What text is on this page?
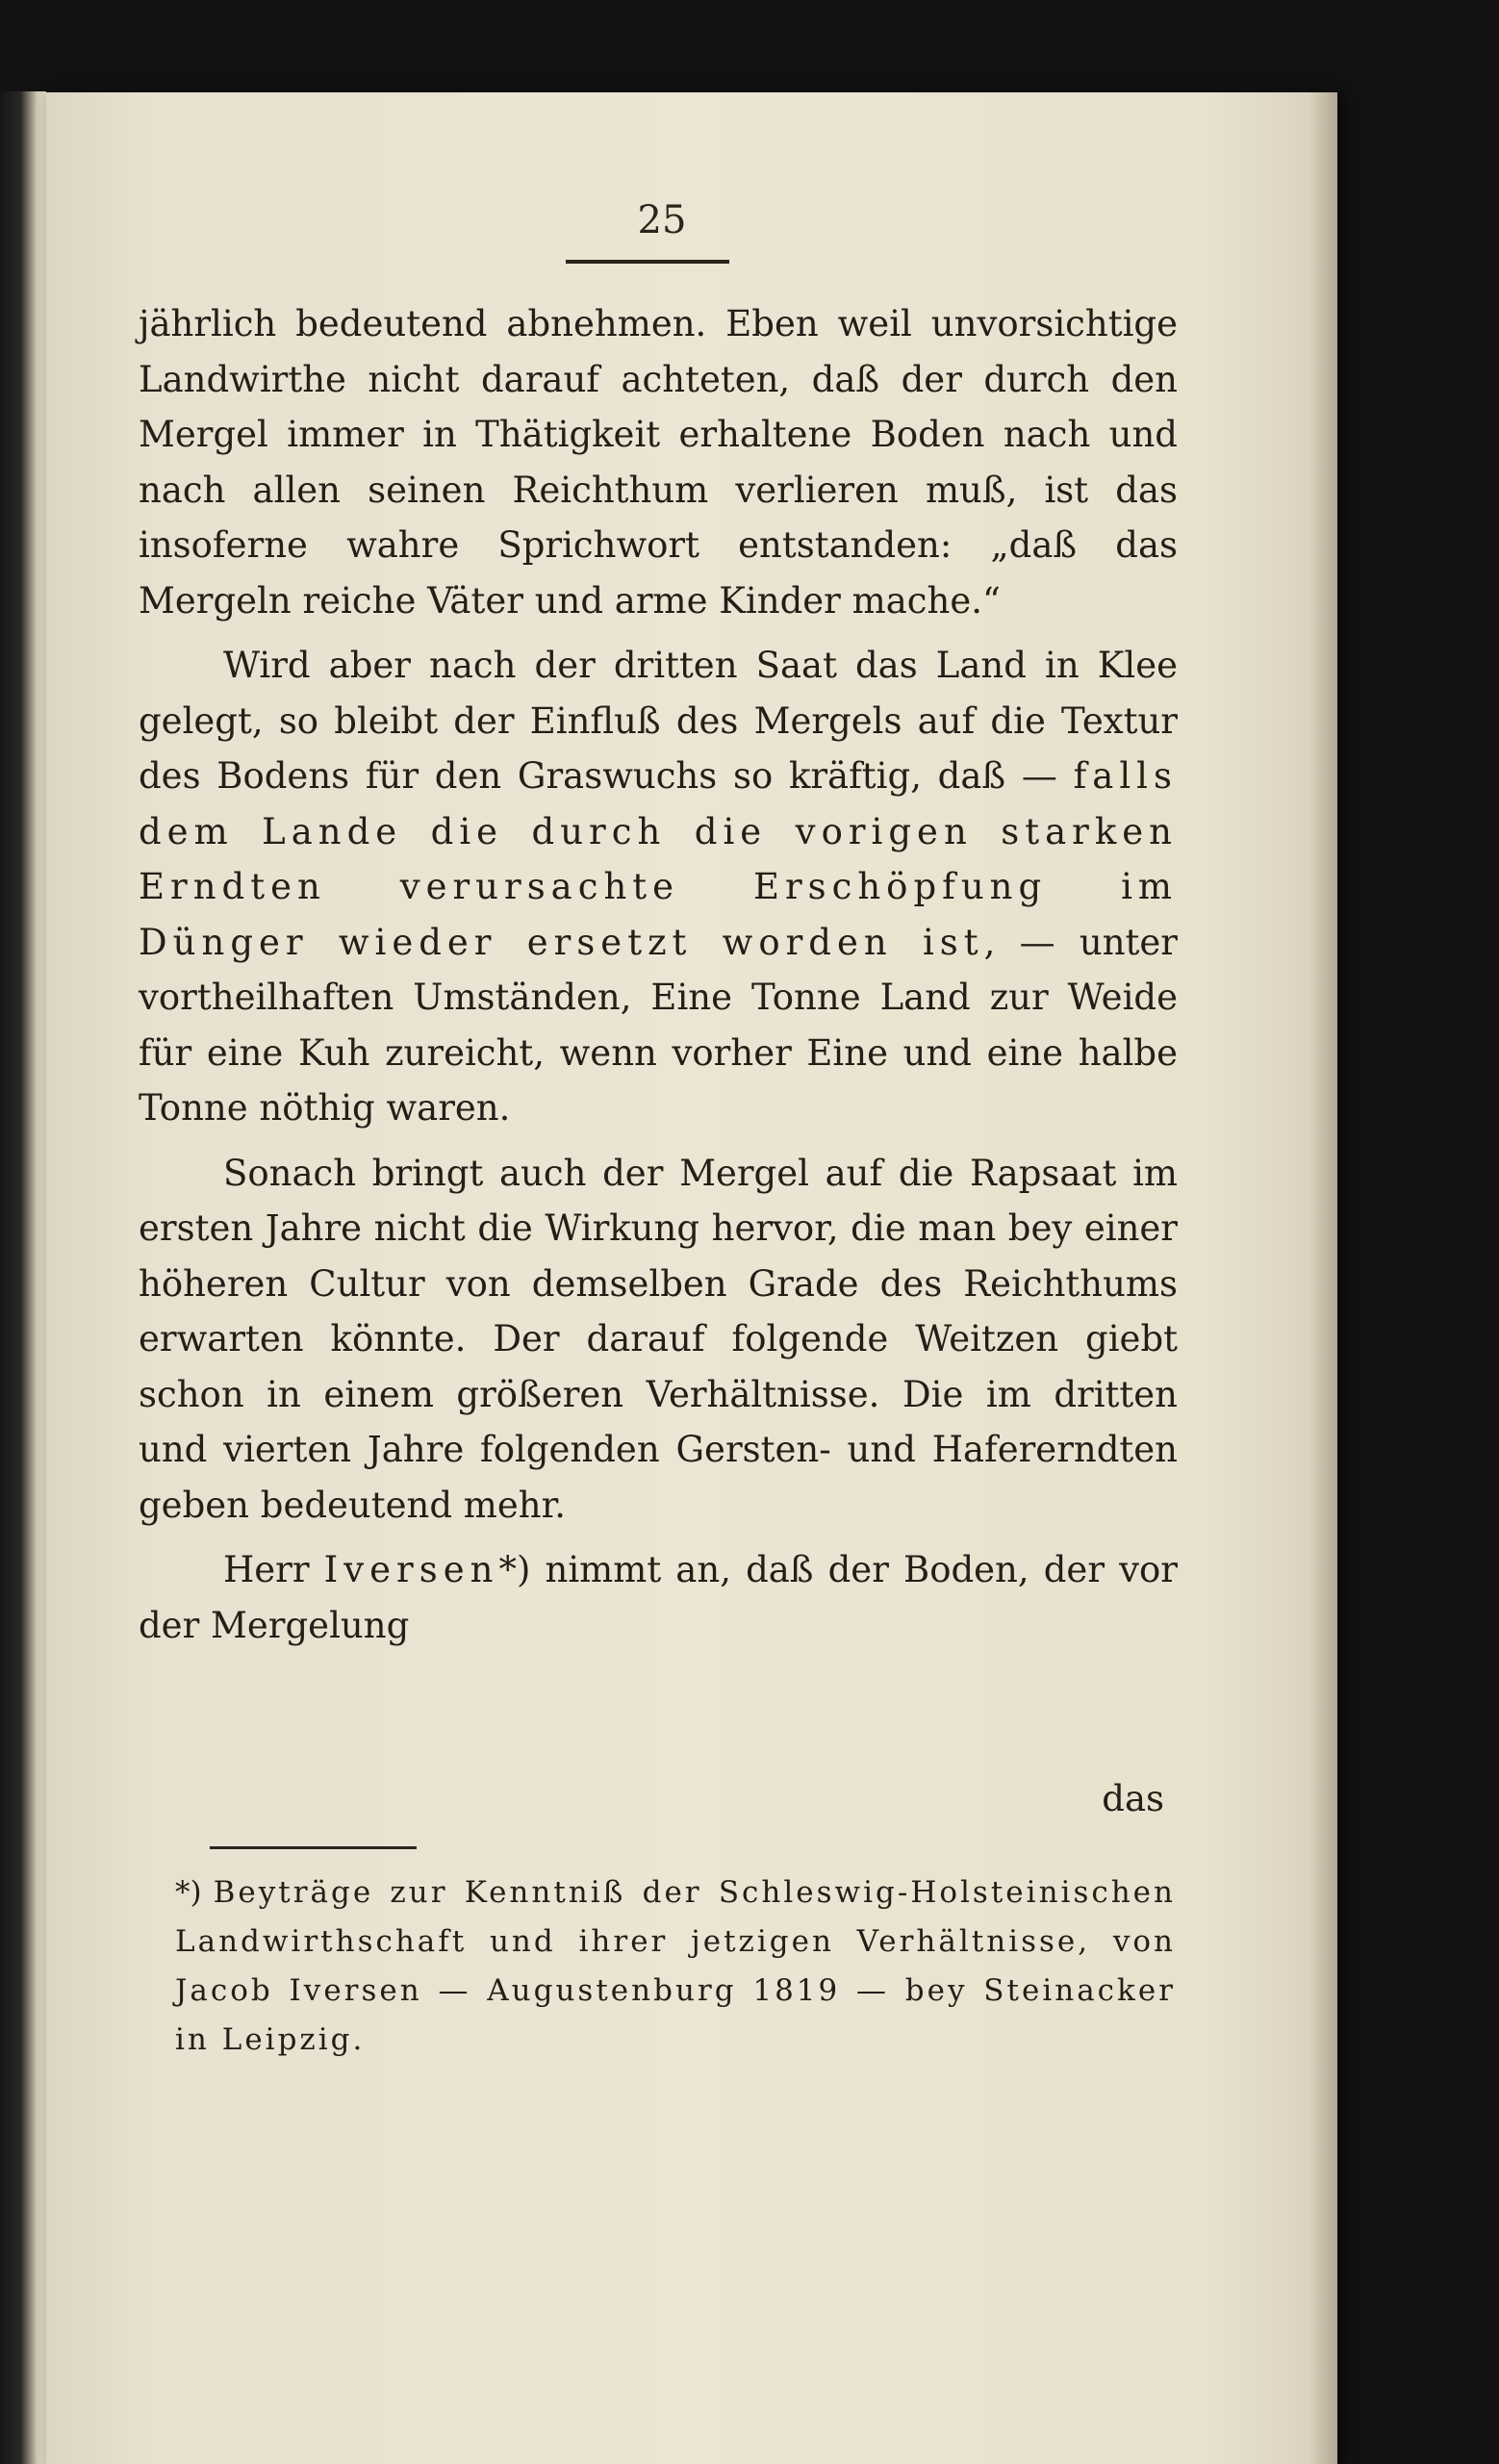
25

jährlich bedeutend abnehmen. Eben weil unvorsichtige Landwirthe nicht darauf achteten, daß der durch den Mergel immer in Thätigkeit erhaltene Boden nach und nach allen seinen Reichthum verlieren muß, ist das insoferne wahre Sprichwort entstanden: „daß das Mergeln reiche Väter und arme Kinder mache.“

Wird aber nach der dritten Saat das Land in Klee gelegt, so bleibt der Einfluß des Mergels auf die Textur des Bodens für den Graswuchs so kräftig, daß — falls dem Lande die durch die vorigen starken Erndten verursachte Erschöpfung im Dünger wieder ersetzt worden ist, — unter vortheilhaften Umständen, Eine Tonne Land zur Weide für eine Kuh zureicht, wenn vorher Eine und eine halbe Tonne nöthig waren.

Sonach bringt auch der Mergel auf die Rapsaat im ersten Jahre nicht die Wirkung hervor, die man bey einer höheren Cultur von demselben Grade des Reichthums erwarten könnte. Der darauf folgende Weitzen giebt schon in einem größeren Verhältnisse. Die im dritten und vierten Jahre folgenden Gersten- und Hafererndten geben bedeutend mehr.

Herr Iversen*) nimmt an, daß der Boden, der vor der Mergelung

das
*) Beyträge zur Kenntniß der Schleswig-Holsteinischen Landwirthschaft und ihrer jetzigen Verhältnisse, von Jacob Iversen — Augustenburg 1819 — bey Steinacker in Leipzig.
